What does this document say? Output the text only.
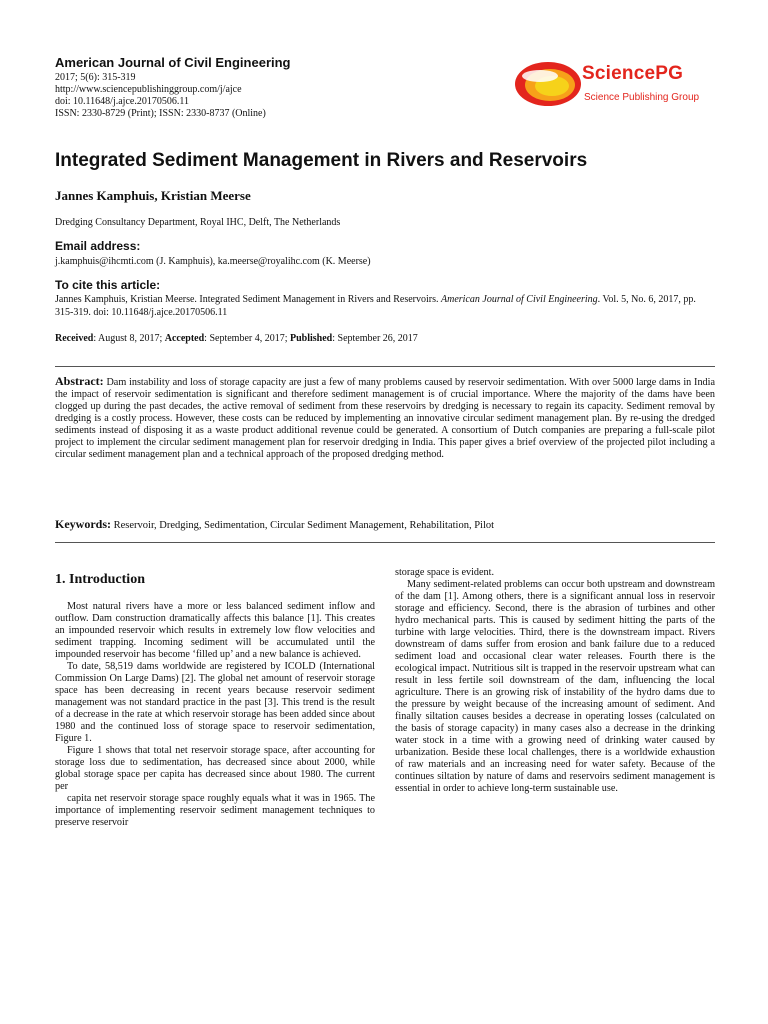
American Journal of Civil Engineering
2017; 5(6): 315-319
http://www.sciencepublishinggroup.com/j/ajce
doi: 10.11648/j.ajce.20170506.11
ISSN: 2330-8729 (Print); ISSN: 2330-8737 (Online)
SciencePG
Science Publishing Group
Integrated Sediment Management in Rivers and Reservoirs
Jannes Kamphuis, Kristian Meerse
Dredging Consultancy Department, Royal IHC, Delft, The Netherlands
Email address:
j.kamphuis@ihcmti.com (J. Kamphuis), ka.meerse@royalihc.com (K. Meerse)
To cite this article:
Jannes Kamphuis, Kristian Meerse. Integrated Sediment Management in Rivers and Reservoirs. American Journal of Civil Engineering. Vol. 5, No. 6, 2017, pp. 315-319. doi: 10.11648/j.ajce.20170506.11
Received: August 8, 2017; Accepted: September 4, 2017; Published: September 26, 2017
Abstract: Dam instability and loss of storage capacity are just a few of many problems caused by reservoir sedimentation. With over 5000 large dams in India the impact of reservoir sedimentation is significant and therefore sediment management is of crucial importance. Where the majority of the dams have been clogged up during the past decades, the active removal of sediment from these reservoirs by dredging is necessary to regain its capacity. Sediment removal by dredging is a costly process. However, these costs can be reduced by implementing an innovative circular sediment management plan. By re-using the dredged sediments instead of disposing it as a waste product additional revenue could be generated. A consortium of Dutch companies are preparing a full-scale pilot project to implement the circular sediment management plan for reservoir dredging in India. This paper gives a brief overview of the projected pilot including a circular sediment management plan and a technical approach of the proposed dredging method.
Keywords: Reservoir, Dredging, Sedimentation, Circular Sediment Management, Rehabilitation, Pilot
1. Introduction

Most natural rivers have a more or less balanced sediment inflow and outflow. Dam construction dramatically affects this balance [1]. This creates an impounded reservoir which results in extremely low flow velocities and sediment trapping. Incoming sediment will be accumulated until the impounded reservoir has become ‘filled up’ and a new balance is achieved.

To date, 58,519 dams worldwide are registered by ICOLD (International Commission On Large Dams) [2]. The global net amount of reservoir storage space has been decreasing in recent years because reservoir sediment management was not standard practice in the past [3]. This trend is the result of a decrease in the rate at which reservoir storage has been added since about 1980 and the continued loss of storage space to reservoir sedimentation, Figure 1.

Figure 1 shows that total net reservoir storage space, after accounting for storage loss due to sedimentation, has decreased since about 2000, while global storage space per capita has decreased since about 1980. The current per

capita net reservoir storage space roughly equals what it was in 1965. The importance of implementing reservoir sediment management techniques to preserve reservoir

storage space is evident.

Many sediment-related problems can occur both upstream and downstream of the dam [1]. Among others, there is a significant annual loss in reservoir storage and efficiency. Second, there is the abrasion of turbines and other hydro mechanical parts. This is caused by sediment hitting the parts of the turbine with large velocities. Third, there is the downstream impact. Rivers downstream of dams suffer from erosion and bank failure due to a reduced sediment load and occasional clear water releases. Fourth there is the ecological impact. Nutritious silt is trapped in the reservoir upstream what can result in less fertile soil downstream of the dam, influencing the local agriculture. There is an growing risk of instability of the hydro dams due to the pressure by weight because of the increasing amount of sediment. And finally siltation causes besides a decrease in operating losses (calculated on the basis of storage capacity) in many cases also a decrease in the drinking water stock in a time with a growing need of drinking water caused by urbanization. Beside these local challenges, there is a worldwide exhaustion of raw materials and an increasing need for water safety. Because of the continues siltation by nature of dams and reservoirs sediment management is essential in order to achieve long-term sustainable use.
